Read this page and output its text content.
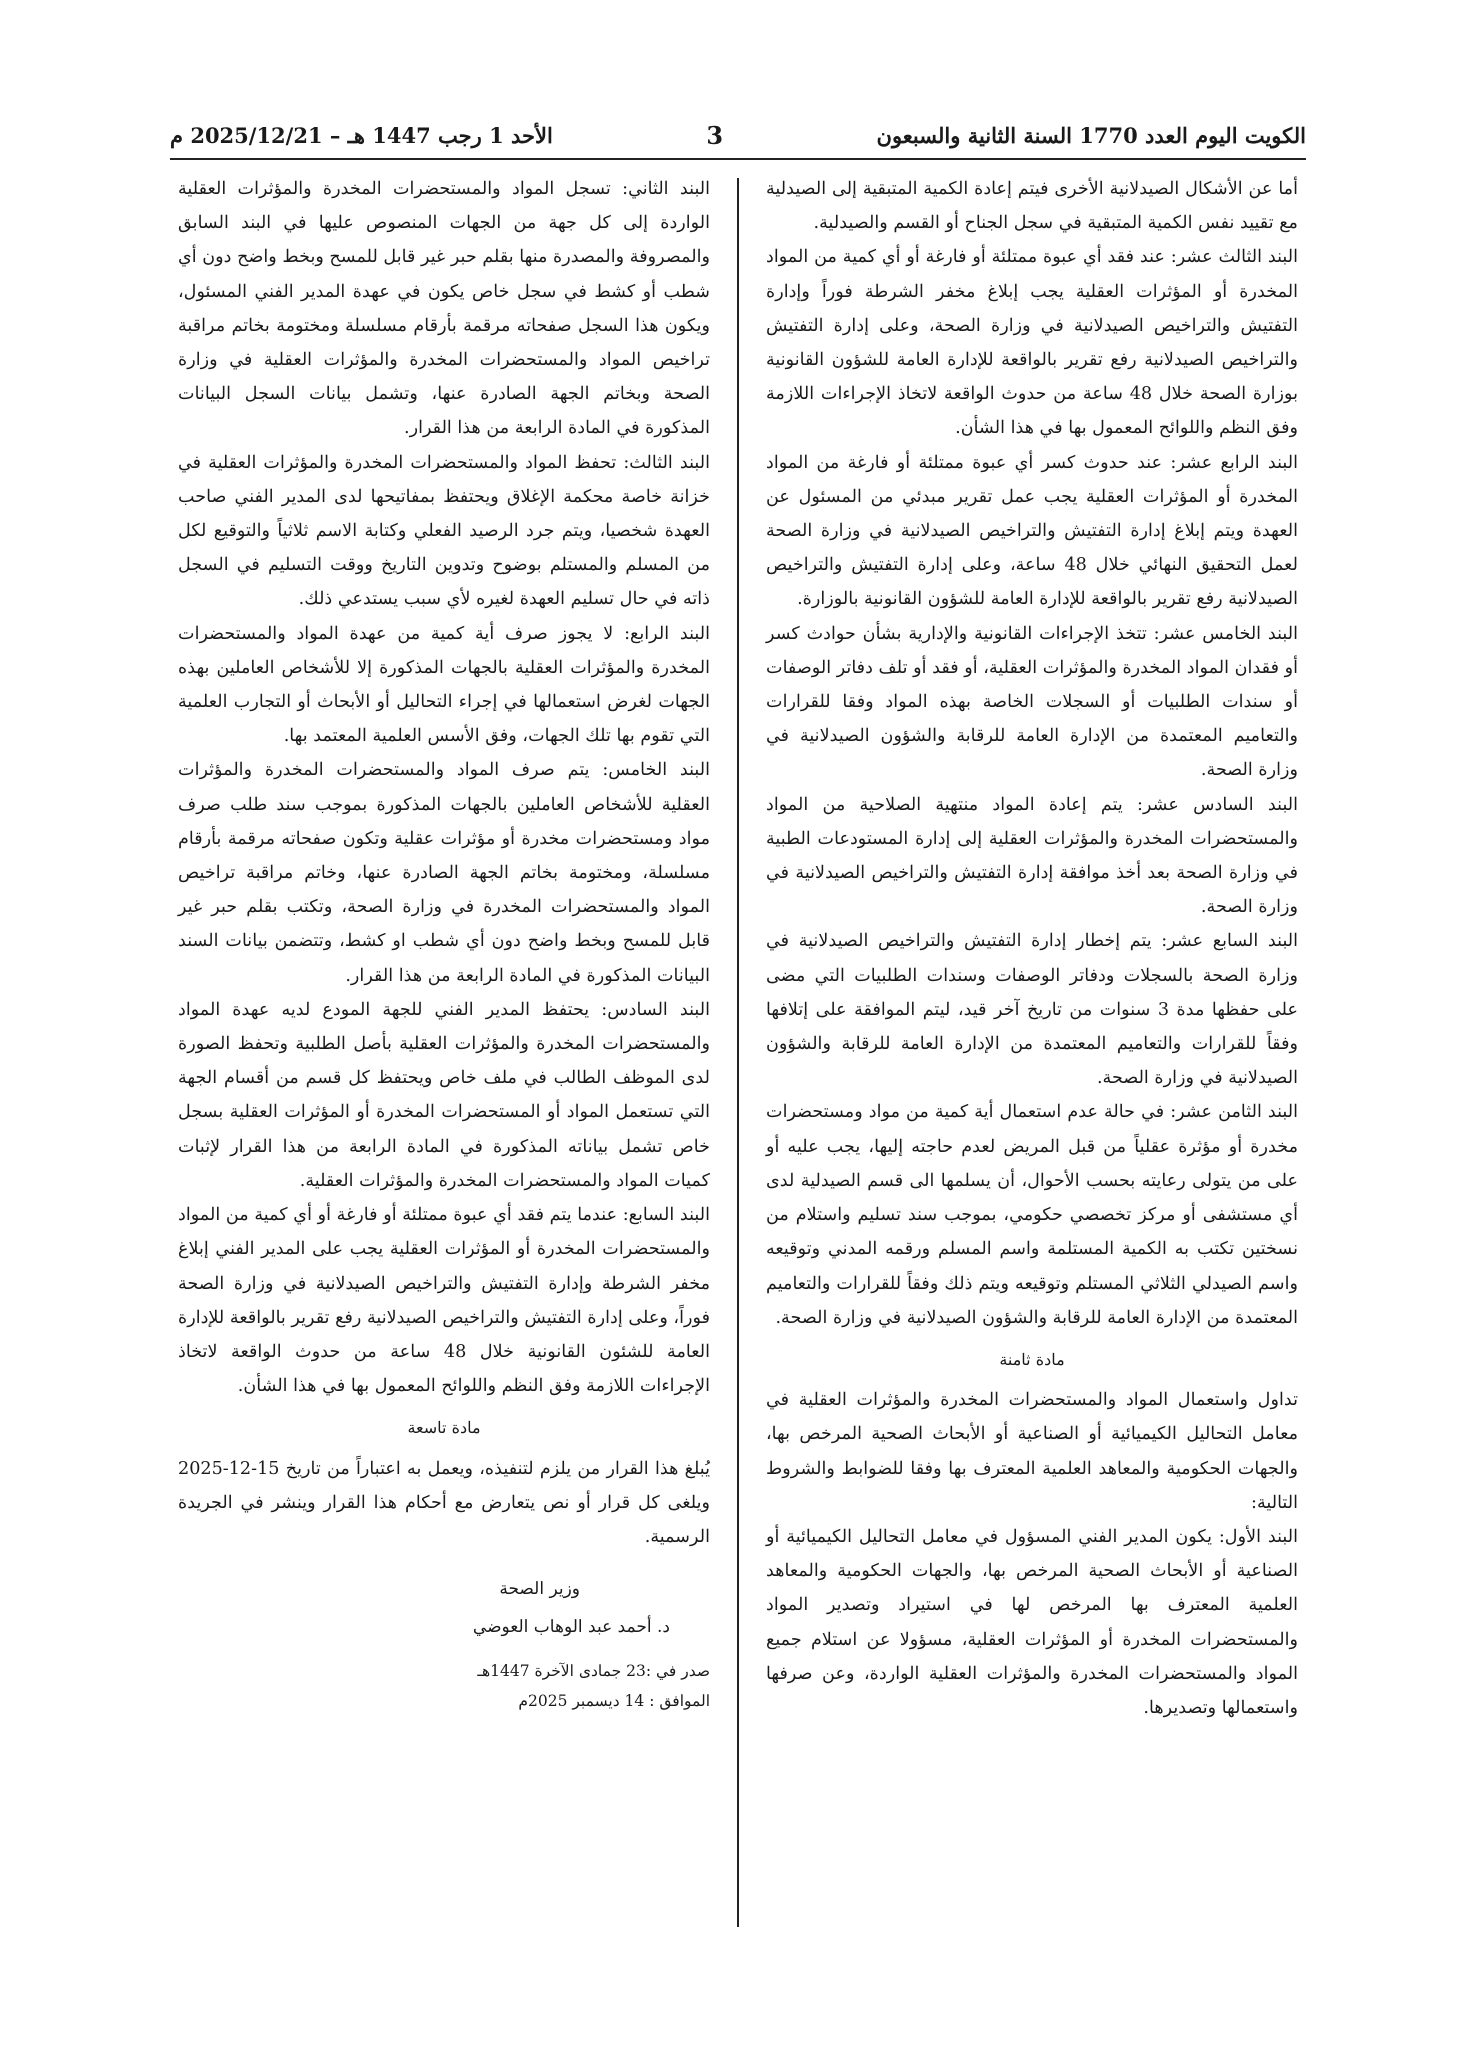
الكويت اليوم العدد 1770 السنة الثانية والسبعون
3
الأحد 1 رجب 1447 هـ – 2025/12/21 م

أما عن الأشكال الصيدلانية الأخرى فيتم إعادة الكمية المتبقية إلى الصيدلية مع تقييد نفس الكمية المتبقية في سجل الجناح أو القسم والصيدلية.

البند الثالث عشر: عند فقد أي عبوة ممتلئة أو فارغة أو أي كمية من المواد المخدرة أو المؤثرات العقلية يجب إبلاغ مخفر الشرطة فوراً وإدارة التفتيش والتراخيص الصيدلانية في وزارة الصحة، وعلى إدارة التفتيش والتراخيص الصيدلانية رفع تقرير بالواقعة للإدارة العامة للشؤون القانونية بوزارة الصحة خلال 48 ساعة من حدوث الواقعة لاتخاذ الإجراءات اللازمة وفق النظم واللوائح المعمول بها في هذا الشأن.

البند الرابع عشر: عند حدوث كسر أي عبوة ممتلئة أو فارغة من المواد المخدرة أو المؤثرات العقلية يجب عمل تقرير مبدئي من المسئول عن العهدة ويتم إبلاغ إدارة التفتيش والتراخيص الصيدلانية في وزارة الصحة لعمل التحقيق النهائي خلال 48 ساعة، وعلى إدارة التفتيش والتراخيص الصيدلانية رفع تقرير بالواقعة للإدارة العامة للشؤون القانونية بالوزارة.

البند الخامس عشر: تتخذ الإجراءات القانونية والإدارية بشأن حوادث كسر أو فقدان المواد المخدرة والمؤثرات العقلية، أو فقد أو تلف دفاتر الوصفات أو سندات الطلبيات أو السجلات الخاصة بهذه المواد وفقا للقرارات والتعاميم المعتمدة من الإدارة العامة للرقابة والشؤون الصيدلانية في وزارة الصحة.

البند السادس عشر: يتم إعادة المواد منتهية الصلاحية من المواد والمستحضرات المخدرة والمؤثرات العقلية إلى إدارة المستودعات الطبية في وزارة الصحة بعد أخذ موافقة إدارة التفتيش والتراخيص الصيدلانية في وزارة الصحة.

البند السابع عشر: يتم إخطار إدارة التفتيش والتراخيص الصيدلانية في وزارة الصحة بالسجلات ودفاتر الوصفات وسندات الطلبيات التي مضى على حفظها مدة 3 سنوات من تاريخ آخر قيد، ليتم الموافقة على إتلافها وفقاً للقرارات والتعاميم المعتمدة من الإدارة العامة للرقابة والشؤون الصيدلانية في وزارة الصحة.

البند الثامن عشر: في حالة عدم استعمال أية كمية من مواد ومستحضرات مخدرة أو مؤثرة عقلياً من قبل المريض لعدم حاجته إليها، يجب عليه أو على من يتولى رعايته بحسب الأحوال، أن يسلمها الى قسم الصيدلية لدى أي مستشفى أو مركز تخصصي حكومي، بموجب سند تسليم واستلام من نسختين تكتب به الكمية المستلمة واسم المسلم ورقمه المدني وتوقيعه واسم الصيدلي الثلاثي المستلم وتوقيعه ويتم ذلك وفقاً للقرارات والتعاميم المعتمدة من الإدارة العامة للرقابة والشؤون الصيدلانية في وزارة الصحة.

مادة ثامنة

تداول واستعمال المواد والمستحضرات المخدرة والمؤثرات العقلية في معامل التحاليل الكيميائية أو الصناعية أو الأبحاث الصحية المرخص بها، والجهات الحكومية والمعاهد العلمية المعترف بها وفقا للضوابط والشروط التالية:

البند الأول: يكون المدير الفني المسؤول في معامل التحاليل الكيميائية أو الصناعية أو الأبحاث الصحية المرخص بها، والجهات الحكومية والمعاهد العلمية المعترف بها المرخص لها في استيراد وتصدير المواد والمستحضرات المخدرة أو المؤثرات العقلية، مسؤولا عن استلام جميع المواد والمستحضرات المخدرة والمؤثرات العقلية الواردة، وعن صرفها واستعمالها وتصديرها.

البند الثاني: تسجل المواد والمستحضرات المخدرة والمؤثرات العقلية الواردة إلى كل جهة من الجهات المنصوص عليها في البند السابق والمصروفة والمصدرة منها بقلم حبر غير قابل للمسح وبخط واضح دون أي شطب أو كشط في سجل خاص يكون في عهدة المدير الفني المسئول، ويكون هذا السجل صفحاته مرقمة بأرقام مسلسلة ومختومة بخاتم مراقبة تراخيص المواد والمستحضرات المخدرة والمؤثرات العقلية في وزارة الصحة وبخاتم الجهة الصادرة عنها، وتشمل بيانات السجل البيانات المذكورة في المادة الرابعة من هذا القرار.

البند الثالث: تحفظ المواد والمستحضرات المخدرة والمؤثرات العقلية في خزانة خاصة محكمة الإغلاق ويحتفظ بمفاتيحها لدى المدير الفني صاحب العهدة شخصيا، ويتم جرد الرصيد الفعلي وكتابة الاسم ثلاثياً والتوقيع لكل من المسلم والمستلم بوضوح وتدوين التاريخ ووقت التسليم في السجل ذاته في حال تسليم العهدة لغيره لأي سبب يستدعي ذلك.

البند الرابع: لا يجوز صرف أية كمية من عهدة المواد والمستحضرات المخدرة والمؤثرات العقلية بالجهات المذكورة إلا للأشخاص العاملين بهذه الجهات لغرض استعمالها في إجراء التحاليل أو الأبحاث أو التجارب العلمية التي تقوم بها تلك الجهات، وفق الأسس العلمية المعتمد بها.

البند الخامس: يتم صرف المواد والمستحضرات المخدرة والمؤثرات العقلية للأشخاص العاملين بالجهات المذكورة بموجب سند طلب صرف مواد ومستحضرات مخدرة أو مؤثرات عقلية وتكون صفحاته مرقمة بأرقام مسلسلة، ومختومة بخاتم الجهة الصادرة عنها، وخاتم مراقبة تراخيص المواد والمستحضرات المخدرة في وزارة الصحة، وتكتب بقلم حبر غير قابل للمسح وبخط واضح دون أي شطب او كشط، وتتضمن بيانات السند البيانات المذكورة في المادة الرابعة من هذا القرار.

البند السادس: يحتفظ المدير الفني للجهة المودع لديه عهدة المواد والمستحضرات المخدرة والمؤثرات العقلية بأصل الطلبية وتحفظ الصورة لدى الموظف الطالب في ملف خاص ويحتفظ كل قسم من أقسام الجهة التي تستعمل المواد أو المستحضرات المخدرة أو المؤثرات العقلية بسجل خاص تشمل بياناته المذكورة في المادة الرابعة من هذا القرار لإثبات كميات المواد والمستحضرات المخدرة والمؤثرات العقلية.

البند السابع: عندما يتم فقد أي عبوة ممتلئة أو فارغة أو أي كمية من المواد والمستحضرات المخدرة أو المؤثرات العقلية يجب على المدير الفني إبلاغ مخفر الشرطة وإدارة التفتيش والتراخيص الصيدلانية في وزارة الصحة فوراً، وعلى إدارة التفتيش والتراخيص الصيدلانية رفع تقرير بالواقعة للإدارة العامة للشئون القانونية خلال 48 ساعة من حدوث الواقعة لاتخاذ الإجراءات اللازمة وفق النظم واللوائح المعمول بها في هذا الشأن.

مادة تاسعة

يُبلغ هذا القرار من يلزم لتنفيذه، ويعمل به اعتباراً من تاريخ 15-12-2025 ويلغى كل قرار أو نص يتعارض مع أحكام هذا القرار وينشر في الجريدة الرسمية.

وزير الصحة
د. أحمد عبد الوهاب العوضي
صدر في :23 جمادى الآخرة 1447هـ
الموافق : 14 ديسمبر 2025م
